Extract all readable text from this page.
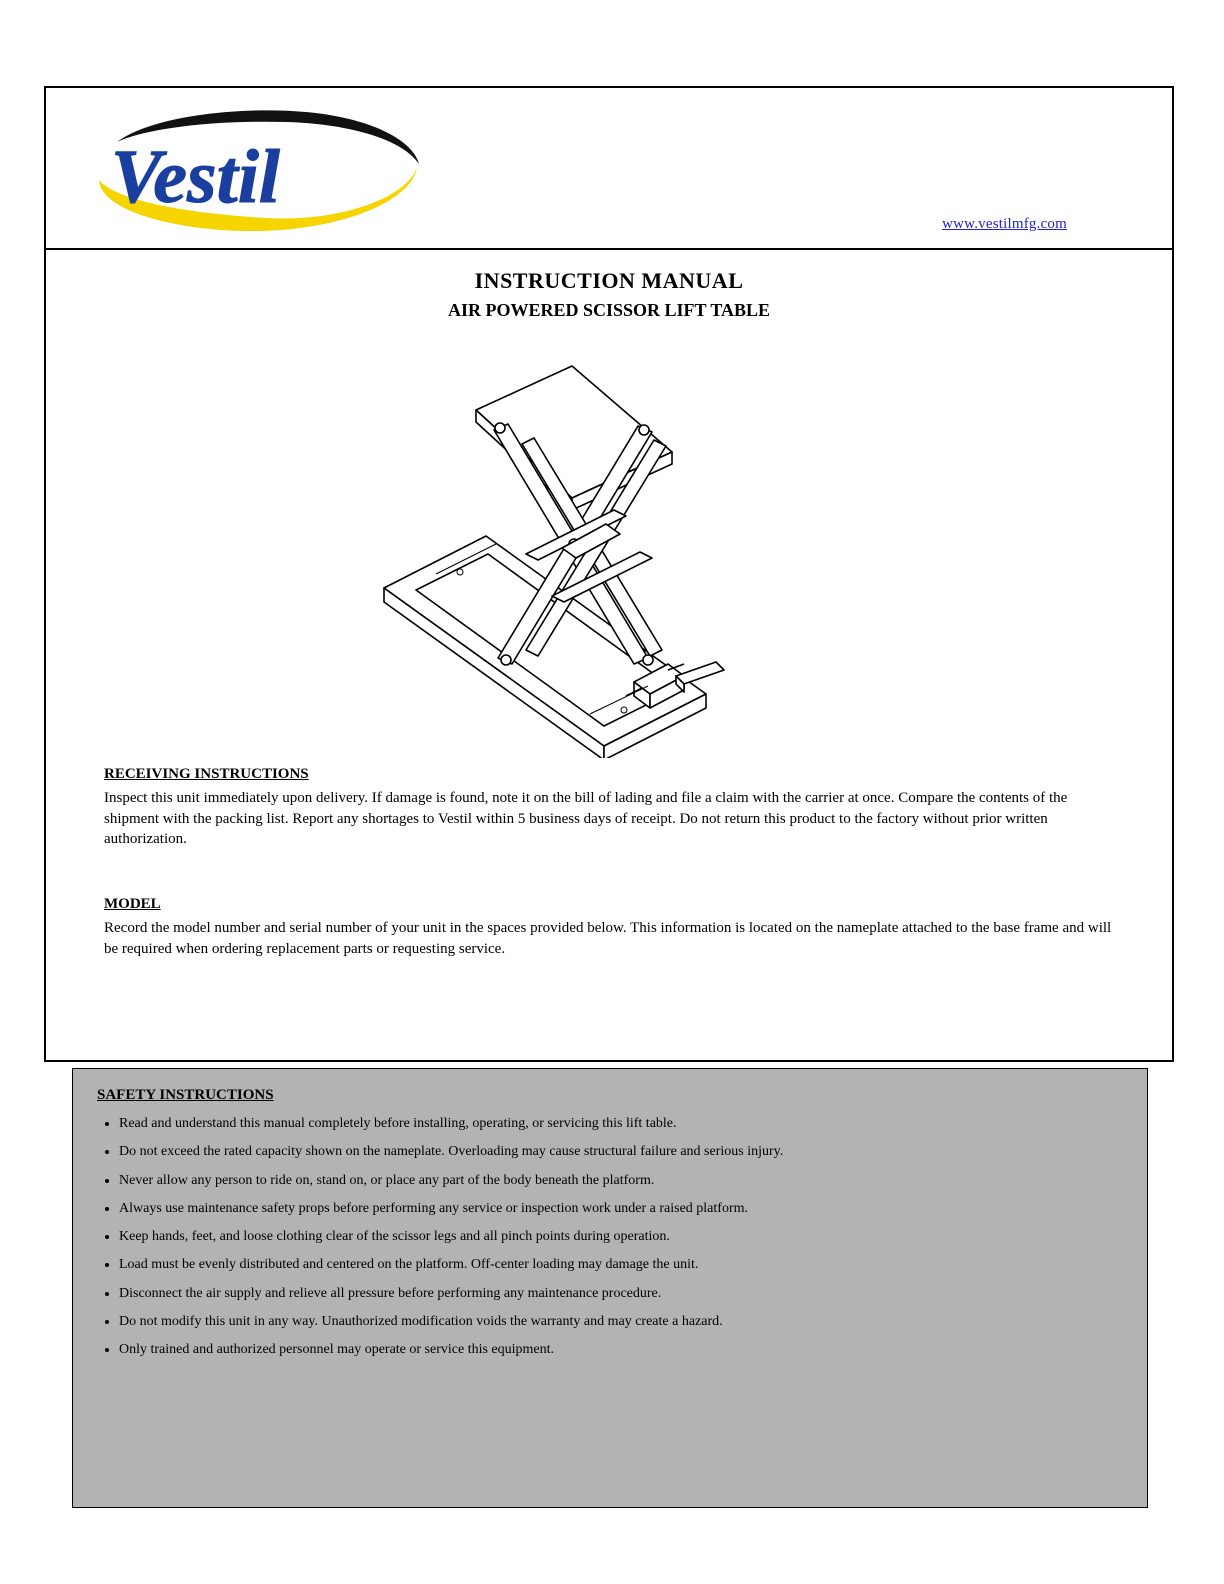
Vestil
www.vestilmfg.com
INSTRUCTION MANUAL
AIR POWERED SCISSOR LIFT TABLE
RECEIVING INSTRUCTIONS
Inspect this unit immediately upon delivery. If damage is found, note it on the bill of lading and file a claim with the carrier at once. Compare the contents of the shipment with the packing list. Report any shortages to Vestil within 5 business days of receipt. Do not return this product to the factory without prior written authorization.
MODEL
Record the model number and serial number of your unit in the spaces provided below. This information is located on the nameplate attached to the base frame and will be required when ordering replacement parts or requesting service.
SAFETY INSTRUCTIONS
• Read and understand this manual completely before installing, operating, or servicing this lift table.
• Do not exceed the rated capacity shown on the nameplate. Overloading may cause structural failure and serious injury.
• Never allow any person to ride on, stand on, or place any part of the body beneath the platform.
• Always use maintenance safety props before performing any service or inspection work under a raised platform.
• Keep hands, feet, and loose clothing clear of the scissor legs and all pinch points during operation.
• Load must be evenly distributed and centered on the platform. Off-center loading may damage the unit.
• Disconnect the air supply and relieve all pressure before performing any maintenance procedure.
• Do not modify this unit in any way. Unauthorized modification voids the warranty and may create a hazard.
• Only trained and authorized personnel may operate or service this equipment.
